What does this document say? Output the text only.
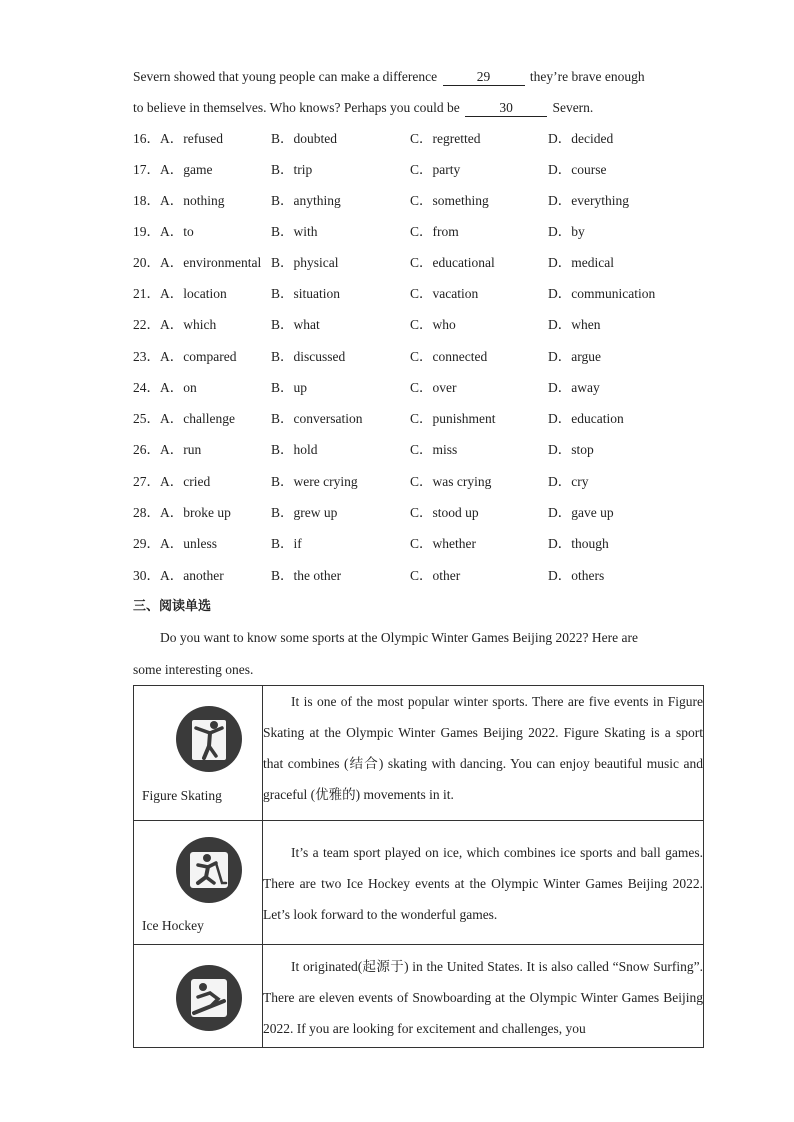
Severn showed that young people can make a difference	29	they’re brave enough
to believe in themselves. Who knows? Perhaps you could be	30	Severn.
16． A．refused	B．doubted	C．regretted	D．decided
17． A．game	B．trip	C．party	D．course
18． A．nothing	B．anything	C．something	D．everything
19． A．to	B．with	C．from	D．by
20． A．environmental B．physical	C．educational	D．medical
21． A．location	B．situation	C．vacation	D．communication
22． A．which	B．what	C．who	D．when
23． A．compared	B．discussed	C．connected	D．argue
24． A．on	B．up	C．over	D．away
25． A．challenge	B．conversation	C．punishment	D．education
26． A．run	B．hold	C．miss	D．stop
27． A．cried	B．were crying	C．was crying	D．cry
28． A．broke up	B．grew up	C．stood up	D．gave up
29． A．unless	B．if	C．whether	D．though
30． A．another	B．the other	C．other	D．others
三、阅读单选
Do you want to know some sports at the Olympic Winter Games Beijing 2022? Here are
some interesting ones.
Figure Skating	It is one of the most popular winter sports. There are five events in Figure Skating at the Olympic Winter Games Beijing 2022. Figure Skating is a sport that combines (结合) skating with dancing. You can enjoy beautiful music and graceful (优雅的) movements in it.

Ice Hockey	It’s a team sport played on ice, which combines ice sports and ball games. There are two Ice Hockey events at the Olympic Winter Games Beijing 2022. Let’s look forward to the wonderful games.

	It originated(起源于) in the United States. It is also called “Snow Surfing”. There are eleven events of Snowboarding at the Olympic Winter Games Beijing 2022. If you are looking for excitement and challenges, you
